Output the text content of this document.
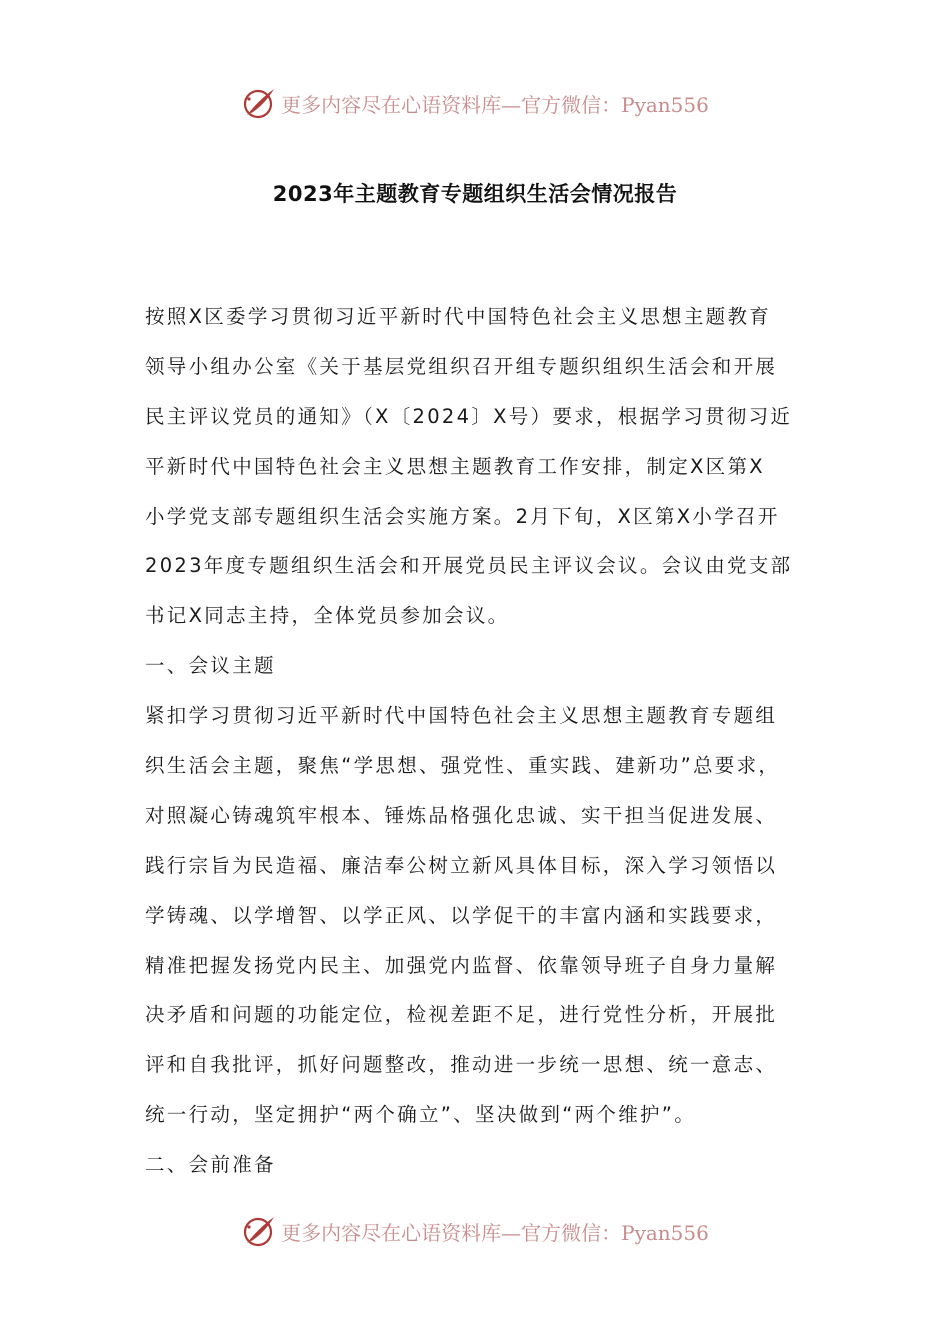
更多内容尽在心语资料库—官方微信：Pyan556
2023年主题教育专题组织生活会情况报告
按照X区委学习贯彻习近平新时代中国特色社会主义思想主题教育
领导小组办公室《关于基层党组织召开组专题织组织生活会和开展
民主评议党员的通知》（X〔2024〕X号）要求，根据学习贯彻习近
平新时代中国特色社会主义思想主题教育工作安排，制定X区第X
小学党支部专题组织生活会实施方案。2月下旬，X区第X小学召开
2023年度专题组织生活会和开展党员民主评议会议。会议由党支部
书记X同志主持，全体党员参加会议。
一、会议主题
紧扣学习贯彻习近平新时代中国特色社会主义思想主题教育专题组
织生活会主题，聚焦“学思想、强党性、重实践、建新功”总要求，
对照凝心铸魂筑牢根本、锤炼品格强化忠诚、实干担当促进发展、
践行宗旨为民造福、廉洁奉公树立新风具体目标，深入学习领悟以
学铸魂、以学增智、以学正风、以学促干的丰富内涵和实践要求，
精准把握发扬党内民主、加强党内监督、依靠领导班子自身力量解
决矛盾和问题的功能定位，检视差距不足，进行党性分析，开展批
评和自我批评，抓好问题整改，推动进一步统一思想、统一意志、
统一行动，坚定拥护“两个确立”、坚决做到“两个维护”。
二、会前准备
更多内容尽在心语资料库—官方微信：Pyan556
